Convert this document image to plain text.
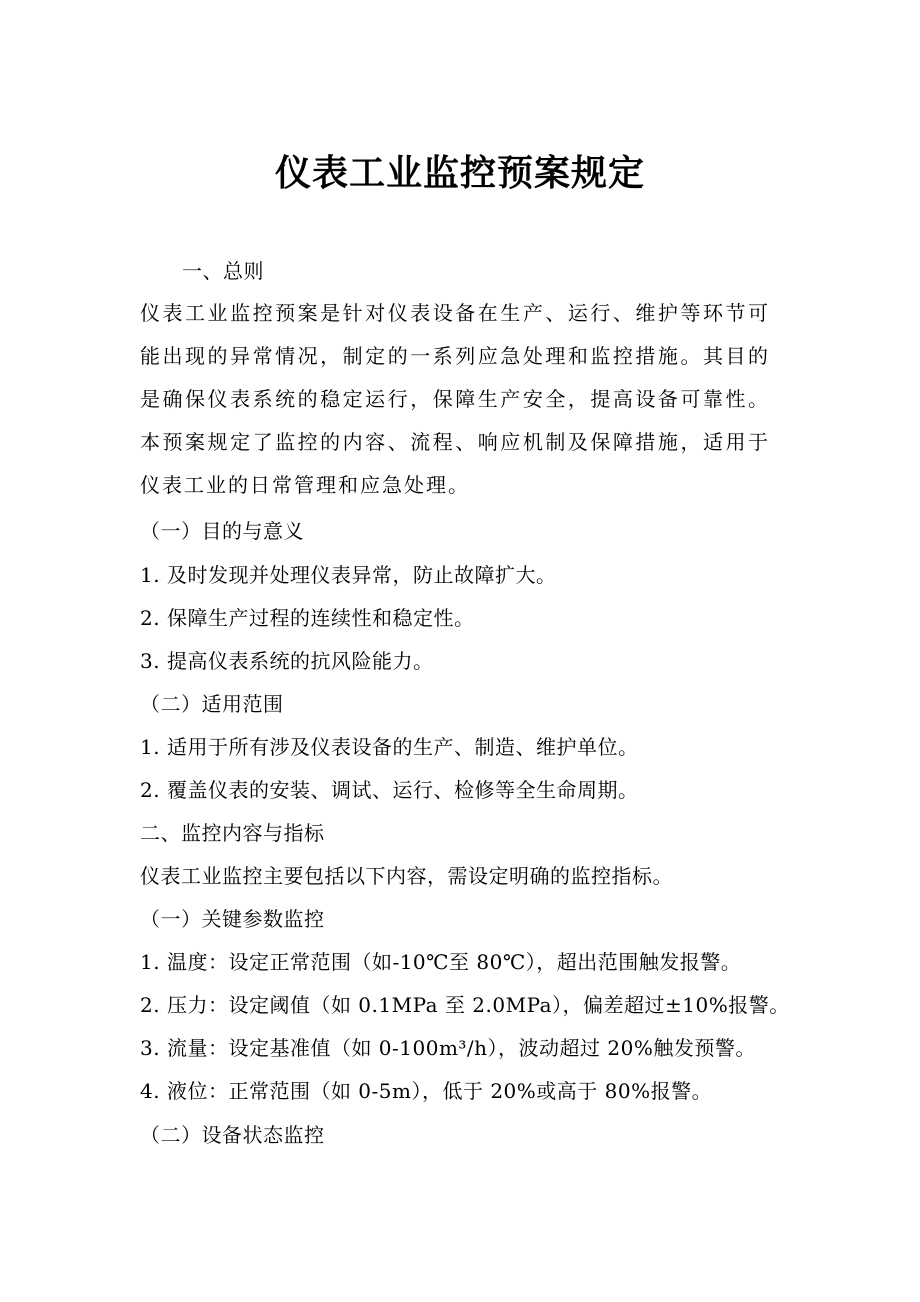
仪表工业监控预案规定
一、总则
仪表工业监控预案是针对仪表设备在生产、运行、维护等环节可能出现的异常情况，制定的一系列应急处理和监控措施。其目的是确保仪表系统的稳定运行，保障生产安全，提高设备可靠性。本预案规定了监控的内容、流程、响应机制及保障措施，适用于仪表工业的日常管理和应急处理。
（一）目的与意义
1. 及时发现并处理仪表异常，防止故障扩大。
2. 保障生产过程的连续性和稳定性。
3. 提高仪表系统的抗风险能力。
（二）适用范围
1. 适用于所有涉及仪表设备的生产、制造、维护单位。
2. 覆盖仪表的安装、调试、运行、检修等全生命周期。
二、监控内容与指标
仪表工业监控主要包括以下内容，需设定明确的监控指标。
（一）关键参数监控
1. 温度：设定正常范围（如-10℃至 80℃），超出范围触发报警。
2. 压力：设定阈值（如 0.1MPa 至 2.0MPa），偏差超过±10%报警。
3. 流量：设定基准值（如 0-100m³/h），波动超过 20%触发预警。
4. 液位：正常范围（如 0-5m），低于 20%或高于 80%报警。
（二）设备状态监控
